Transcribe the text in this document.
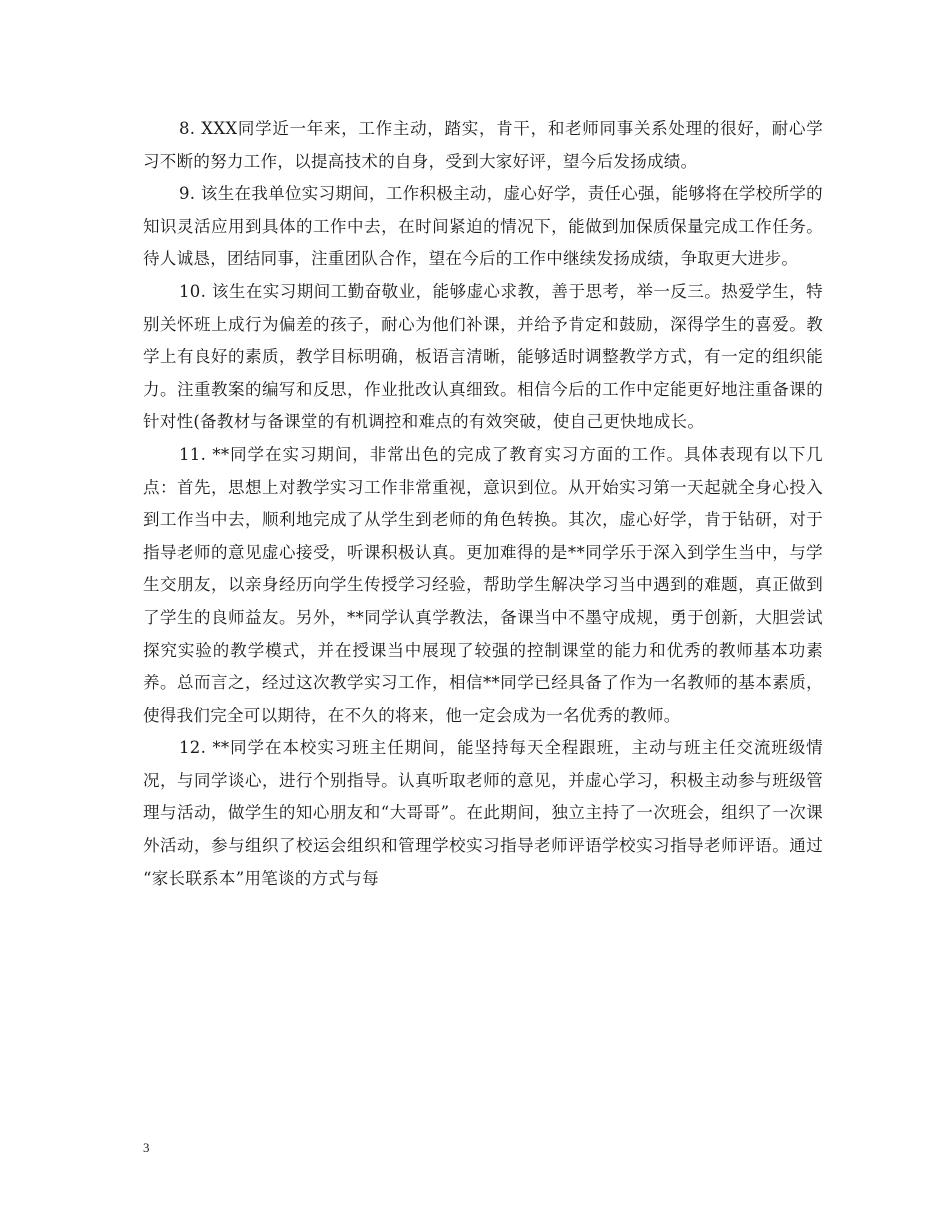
8. XXX同学近一年来，工作主动，踏实，肯干，和老师同事关系处理的很好，耐心学习不断的努力工作，以提高技术的自身，受到大家好评，望今后发扬成绩。

9. 该生在我单位实习期间，工作积极主动，虚心好学，责任心强，能够将在学校所学的知识灵活应用到具体的工作中去，在时间紧迫的情况下，能做到加保质保量完成工作任务。待人诚恳，团结同事，注重团队合作，望在今后的工作中继续发扬成绩，争取更大进步。

10. 该生在实习期间工勤奋敬业，能够虚心求教，善于思考，举一反三。热爱学生，特别关怀班上成行为偏差的孩子，耐心为他们补课，并给予肯定和鼓励，深得学生的喜爱。教学上有良好的素质，教学目标明确，板语言清晰，能够适时调整教学方式，有一定的组织能力。注重教案的编写和反思，作业批改认真细致。相信今后的工作中定能更好地注重备课的针对性(备教材与备课堂的有机调控和难点的有效突破，使自己更快地成长。

11. **同学在实习期间，非常出色的完成了教育实习方面的工作。具体表现有以下几点：首先，思想上对教学实习工作非常重视，意识到位。从开始实习第一天起就全身心投入到工作当中去，顺利地完成了从学生到老师的角色转换。其次，虚心好学，肯于钻研，对于指导老师的意见虚心接受，听课积极认真。更加难得的是**同学乐于深入到学生当中，与学生交朋友，以亲身经历向学生传授学习经验，帮助学生解决学习当中遇到的难题，真正做到了学生的良师益友。另外，**同学认真学教法，备课当中不墨守成规，勇于创新，大胆尝试探究实验的教学模式，并在授课当中展现了较强的控制课堂的能力和优秀的教师基本功素养。总而言之，经过这次教学实习工作，相信**同学已经具备了作为一名教师的基本素质，使得我们完全可以期待，在不久的将来，他一定会成为一名优秀的教师。

12. **同学在本校实习班主任期间，能坚持每天全程跟班，主动与班主任交流班级情况，与同学谈心，进行个别指导。认真听取老师的意见，并虚心学习，积极主动参与班级管理与活动，做学生的知心朋友和“大哥哥”。在此期间，独立主持了一次班会，组织了一次课外活动，参与组织了校运会组织和管理学校实习指导老师评语学校实习指导老师评语。通过 “家长联系本”用笔谈的方式与每

3
